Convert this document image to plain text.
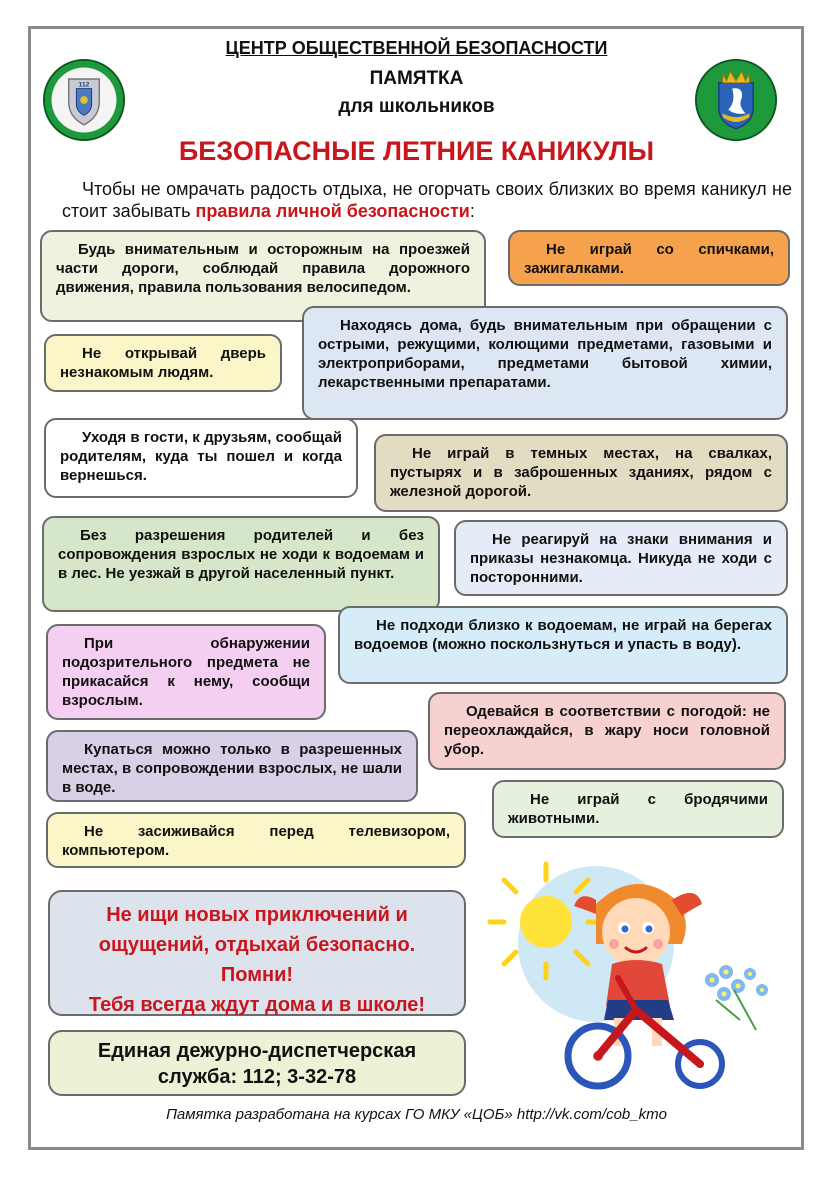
112
ЦЕНТР ОБЩЕСТВЕННОЙ БЕЗОПАСНОСТИ
ПАМЯТКА
для школьников
БЕЗОПАСНЫЕ ЛЕТНИЕ КАНИКУЛЫ
Чтобы не омрачать радость отдыха, не огорчать своих близких во время каникул не стоит забывать правила личной безопасности:
Будь внимательным и осторожным на проезжей части дороги, соблюдай правила дорожного движения, правила пользования велосипедом.
Не играй со спичками, зажигалками.
Находясь дома, будь внимательным при обращении с острыми, режущими, колющими предметами, газовыми и электроприборами, предметами бытовой химии, лекарственными препаратами.
Не открывай дверь незнакомым людям.
Уходя в гости, к друзьям, сообщай родителям, куда ты пошел и когда вернешься.
Не играй в темных местах, на свалках, пустырях и в заброшенных зданиях, рядом с железной дорогой.
Без разрешения родителей и без сопровождения взрослых не ходи к водоемам и в лес. Не уезжай в другой населенный пункт.
Не реагируй на знаки внимания и приказы незнакомца. Никуда не ходи с посторонними.
Не подходи близко к водоемам, не играй на берегах водоемов (можно поскользнуться и упасть в воду).
При обнаружении подозрительного предмета не прикасайся к нему, сообщи взрослым.
Одевайся в соответствии с погодой: не переохлаждайся, в жару носи головной убор.
Купаться можно только в разрешенных местах, в сопровождении взрослых, не шали в воде.
Не играй с бродячими животными.
Не засиживайся перед телевизором, компьютером.
Не ищи новых приключений и
ощущений, отдыхай безопасно.
Помни!
Тебя всегда ждут дома и в школе!
Единая дежурно-диспетчерская
служба: 112; 3-32-78
Памятка разработана на курсах ГО МКУ «ЦОБ» http://vk.com/cob_kmo
